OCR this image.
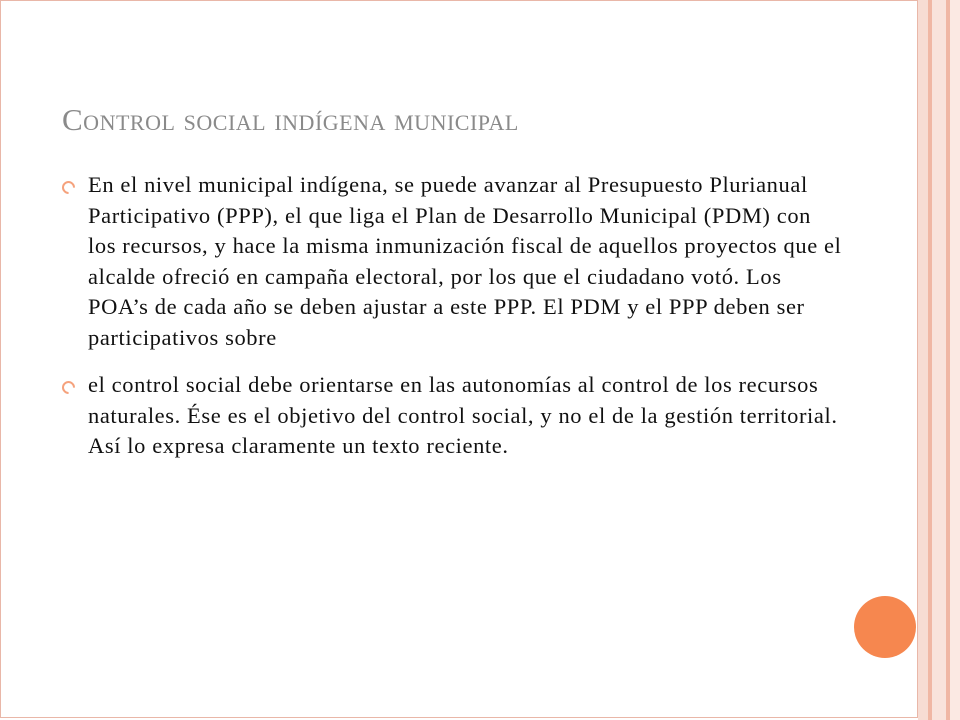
Control social indígena municipal

En el nivel municipal indígena, se puede avanzar al Presupuesto Plurianual Participativo (PPP), el que liga el Plan de Desarrollo Municipal (PDM) con los recursos, y hace la misma inmunización fiscal de aquellos proyectos que el alcalde ofreció en campaña electoral, por los que el ciudadano votó. Los POA’s de cada año se deben ajustar a este PPP. El PDM y el PPP deben ser participativos sobre

el control social debe orientarse en las autonomías al control de los recursos naturales. Ése es el objetivo del control social, y no el de la gestión territorial. Así lo expresa claramente un texto reciente.
